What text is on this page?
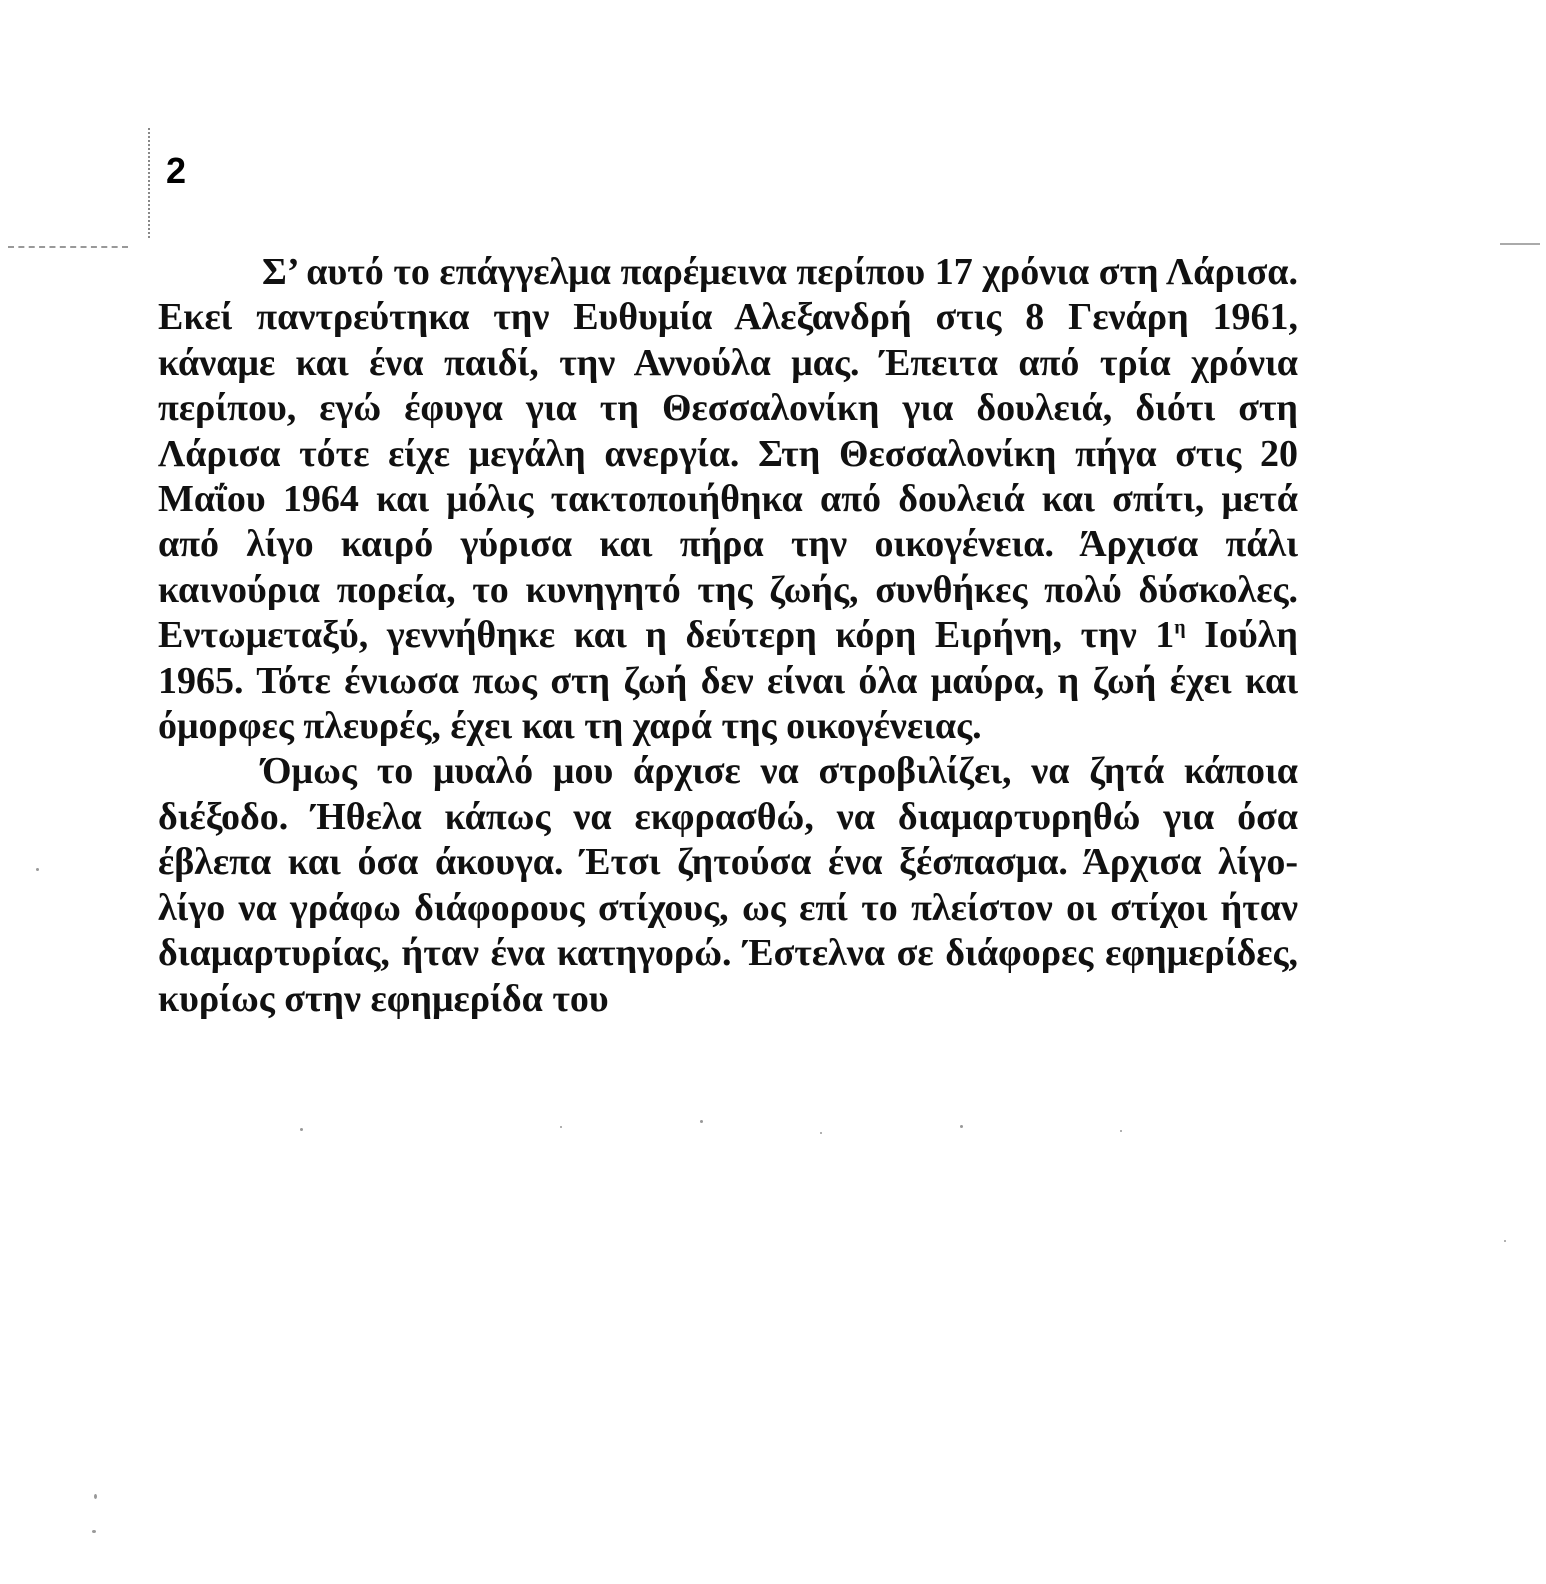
2

Σ’ αυτό το επάγγελμα παρέμεινα περίπου 17 χρόνια στη Λάρισα. Εκεί παντρεύτηκα την Ευθυμία Αλεξανδρή στις 8 Γενάρη 1961, κάναμε και ένα παιδί, την Αννούλα μας. Έπειτα από τρία χρόνια περίπου, εγώ έφυγα για τη Θεσσαλονίκη για δουλειά, διότι στη Λάρισα τότε είχε μεγάλη ανεργία. Στη Θεσσαλονίκη πήγα στις 20 Μαΐου 1964 και μόλις τακτοποιήθηκα από δουλειά και σπίτι, μετά από λίγο καιρό γύρισα και πήρα την οικογένεια. Άρχισα πάλι καινούρια πορεία, το κυνηγητό της ζωής, συνθήκες πολύ δύσκολες. Εντωμεταξύ, γεννήθηκε και η δεύτερη κόρη Ειρήνη, την $1^\eta$ Ιούλη 1965. Τότε ένιωσα πως στη ζωή δεν είναι όλα μαύρα, η ζωή έχει και όμορφες πλευρές, έχει και τη χαρά της οικογένειας.

Όμως το μυαλό μου άρχισε να στροβιλίζει, να ζητά κάποια διέξοδο. Ήθελα κάπως να εκφρασθώ, να διαμαρτυρηθώ για όσα έβλεπα και όσα άκουγα. Έτσι ζητούσα ένα ξέσπασμα. Άρχισα λίγο-λίγο να γράφω διάφορους στίχους, ως επί το πλείστον οι στίχοι ήταν διαμαρτυρίας, ήταν ένα κατηγορώ. Έστελνα σε διάφορες εφημερίδες, κυρίως στην εφημερίδα του
